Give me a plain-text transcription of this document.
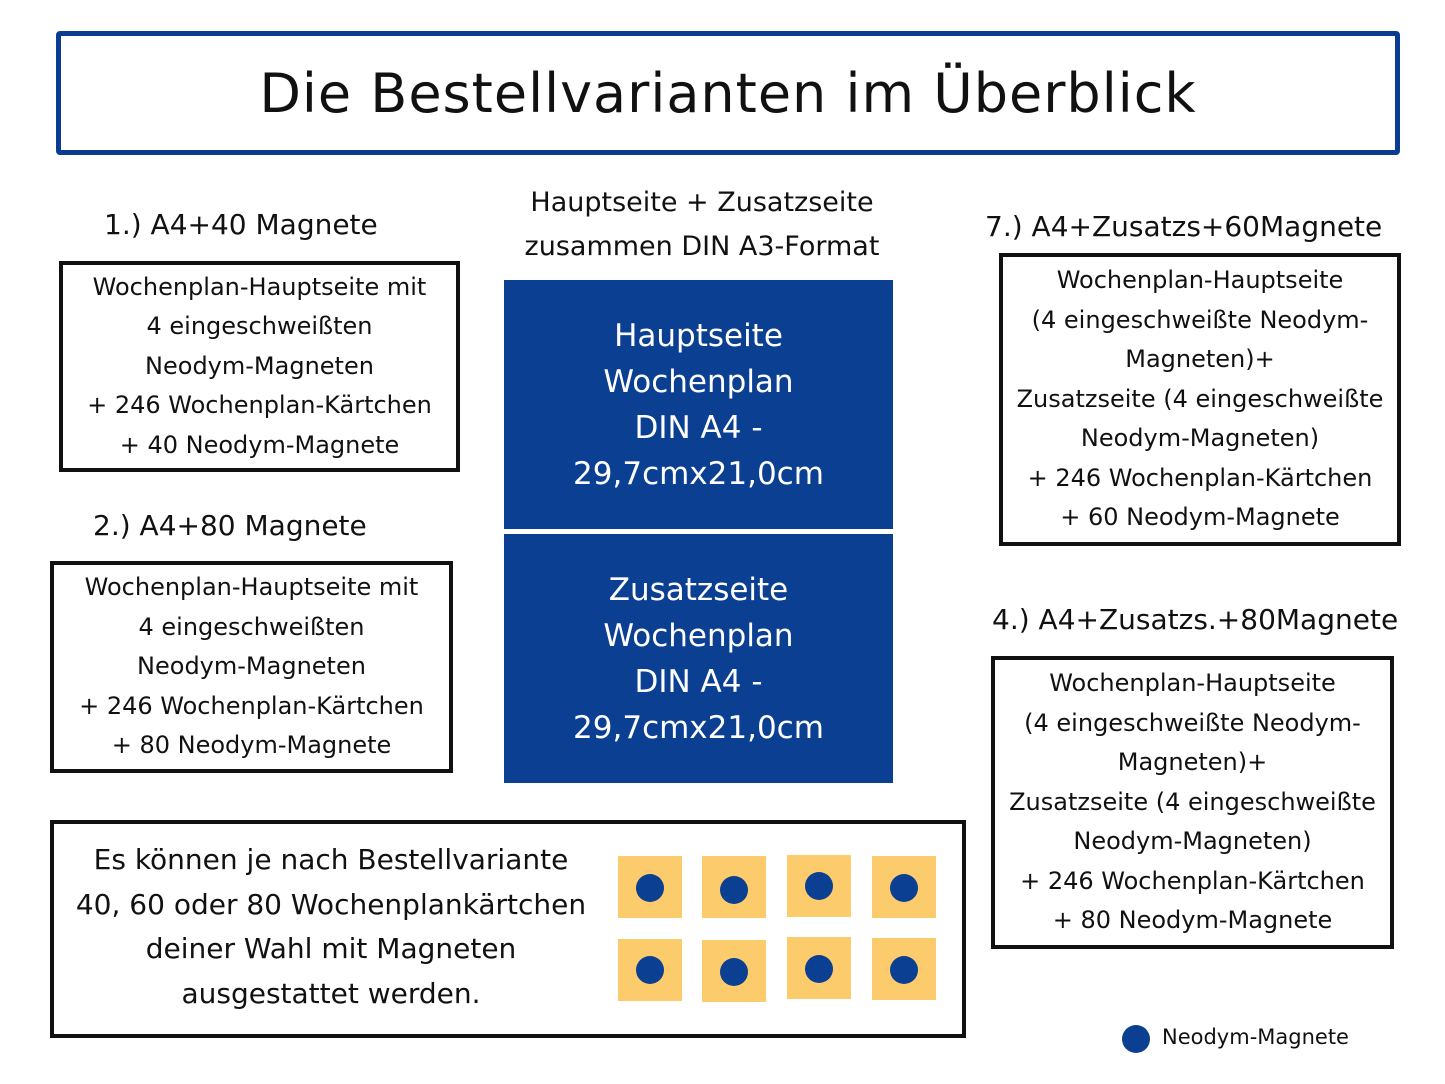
Die Bestellvarianten im Überblick
1.) A4+40 Magnete
Wochenplan-Hauptseite mit
4 eingeschweißten
Neodym-Magneten
+ 246 Wochenplan-Kärtchen
+ 40 Neodym-Magnete
2.) A4+80 Magnete
Wochenplan-Hauptseite mit
4 eingeschweißten
Neodym-Magneten
+ 246 Wochenplan-Kärtchen
+ 80 Neodym-Magnete
Hauptseite + Zusatzseite
zusammen DIN A3-Format
Hauptseite
Wochenplan
DIN A4 -
29,7cmx21,0cm
Zusatzseite
Wochenplan
DIN A4 -
29,7cmx21,0cm
7.) A4+Zusatzs+60Magnete
Wochenplan-Hauptseite
(4 eingeschweißte Neodym-
Magneten)+
Zusatzseite (4 eingeschweißte
Neodym-Magneten)
+ 246 Wochenplan-Kärtchen
+ 60 Neodym-Magnete
4.) A4+Zusatzs.+80Magnete
Wochenplan-Hauptseite
(4 eingeschweißte Neodym-
Magneten)+
Zusatzseite (4 eingeschweißte
Neodym-Magneten)
+ 246 Wochenplan-Kärtchen
+ 80 Neodym-Magnete
Es können je nach Bestellvariante
40, 60 oder 80 Wochenplankärtchen
deiner Wahl mit Magneten
ausgestattet werden.
Neodym-Magnete
